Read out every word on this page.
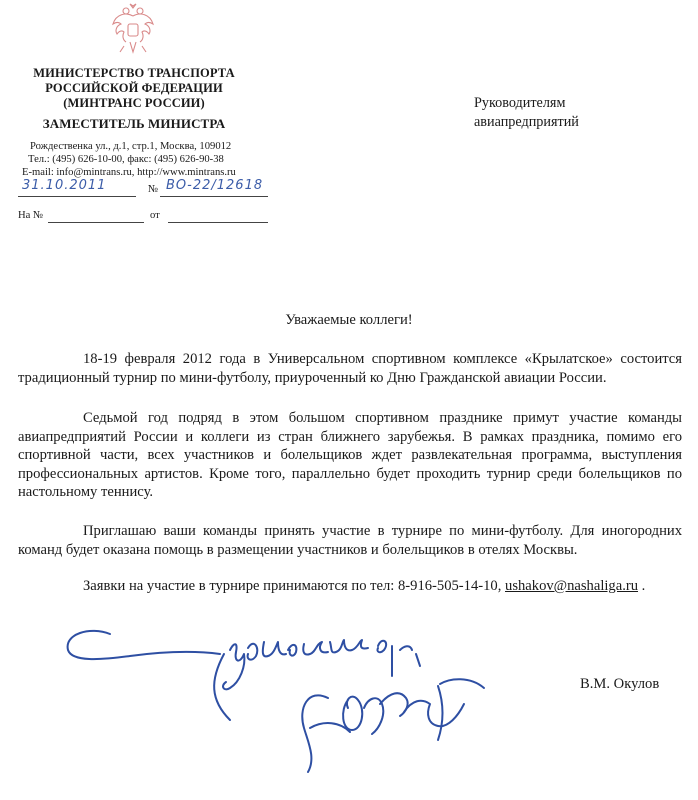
МИНИСТЕРСТВО ТРАНСПОРТА
РОССИЙСКОЙ ФЕДЕРАЦИИ
(МИНТРАНС РОССИИ)
ЗАМЕСТИТЕЛЬ МИНИСТРА
Рождественка ул., д.1, стр.1, Москва, 109012
Тел.: (495) 626-10-00, факс: (495) 626-90-38
E-mail: info@mintrans.ru, http://www.mintrans.ru
31.10.2011	№ ВО-22/12618
На №	от
Руководителям
авиапредприятий
Уважаемые коллеги!

18-19 февраля 2012 года в Универсальном спортивном комплексе «Крылатское» состоится традиционный турнир по мини-футболу, приуроченный ко Дню Гражданской авиации России.

Седьмой год подряд в этом большом спортивном празднике примут участие команды авиапредприятий России и коллеги из стран ближнего зарубежья. В рамках праздника, помимо его спортивной части, всех участников и болельщиков ждет развлекательная программа, выступления профессиональных артистов. Кроме того, параллельно будет проходить турнир среди болельщиков по настольному теннису.

Приглашаю ваши команды принять участие в турнире по мини-футболу. Для иногородних команд будет оказана помощь в размещении участников и болельщиков в отелях Москвы.

Заявки на участие в турнире принимаются по тел: 8-916-505-14-10, ushakov@nashaliga.ru .

В.М. Окулов
